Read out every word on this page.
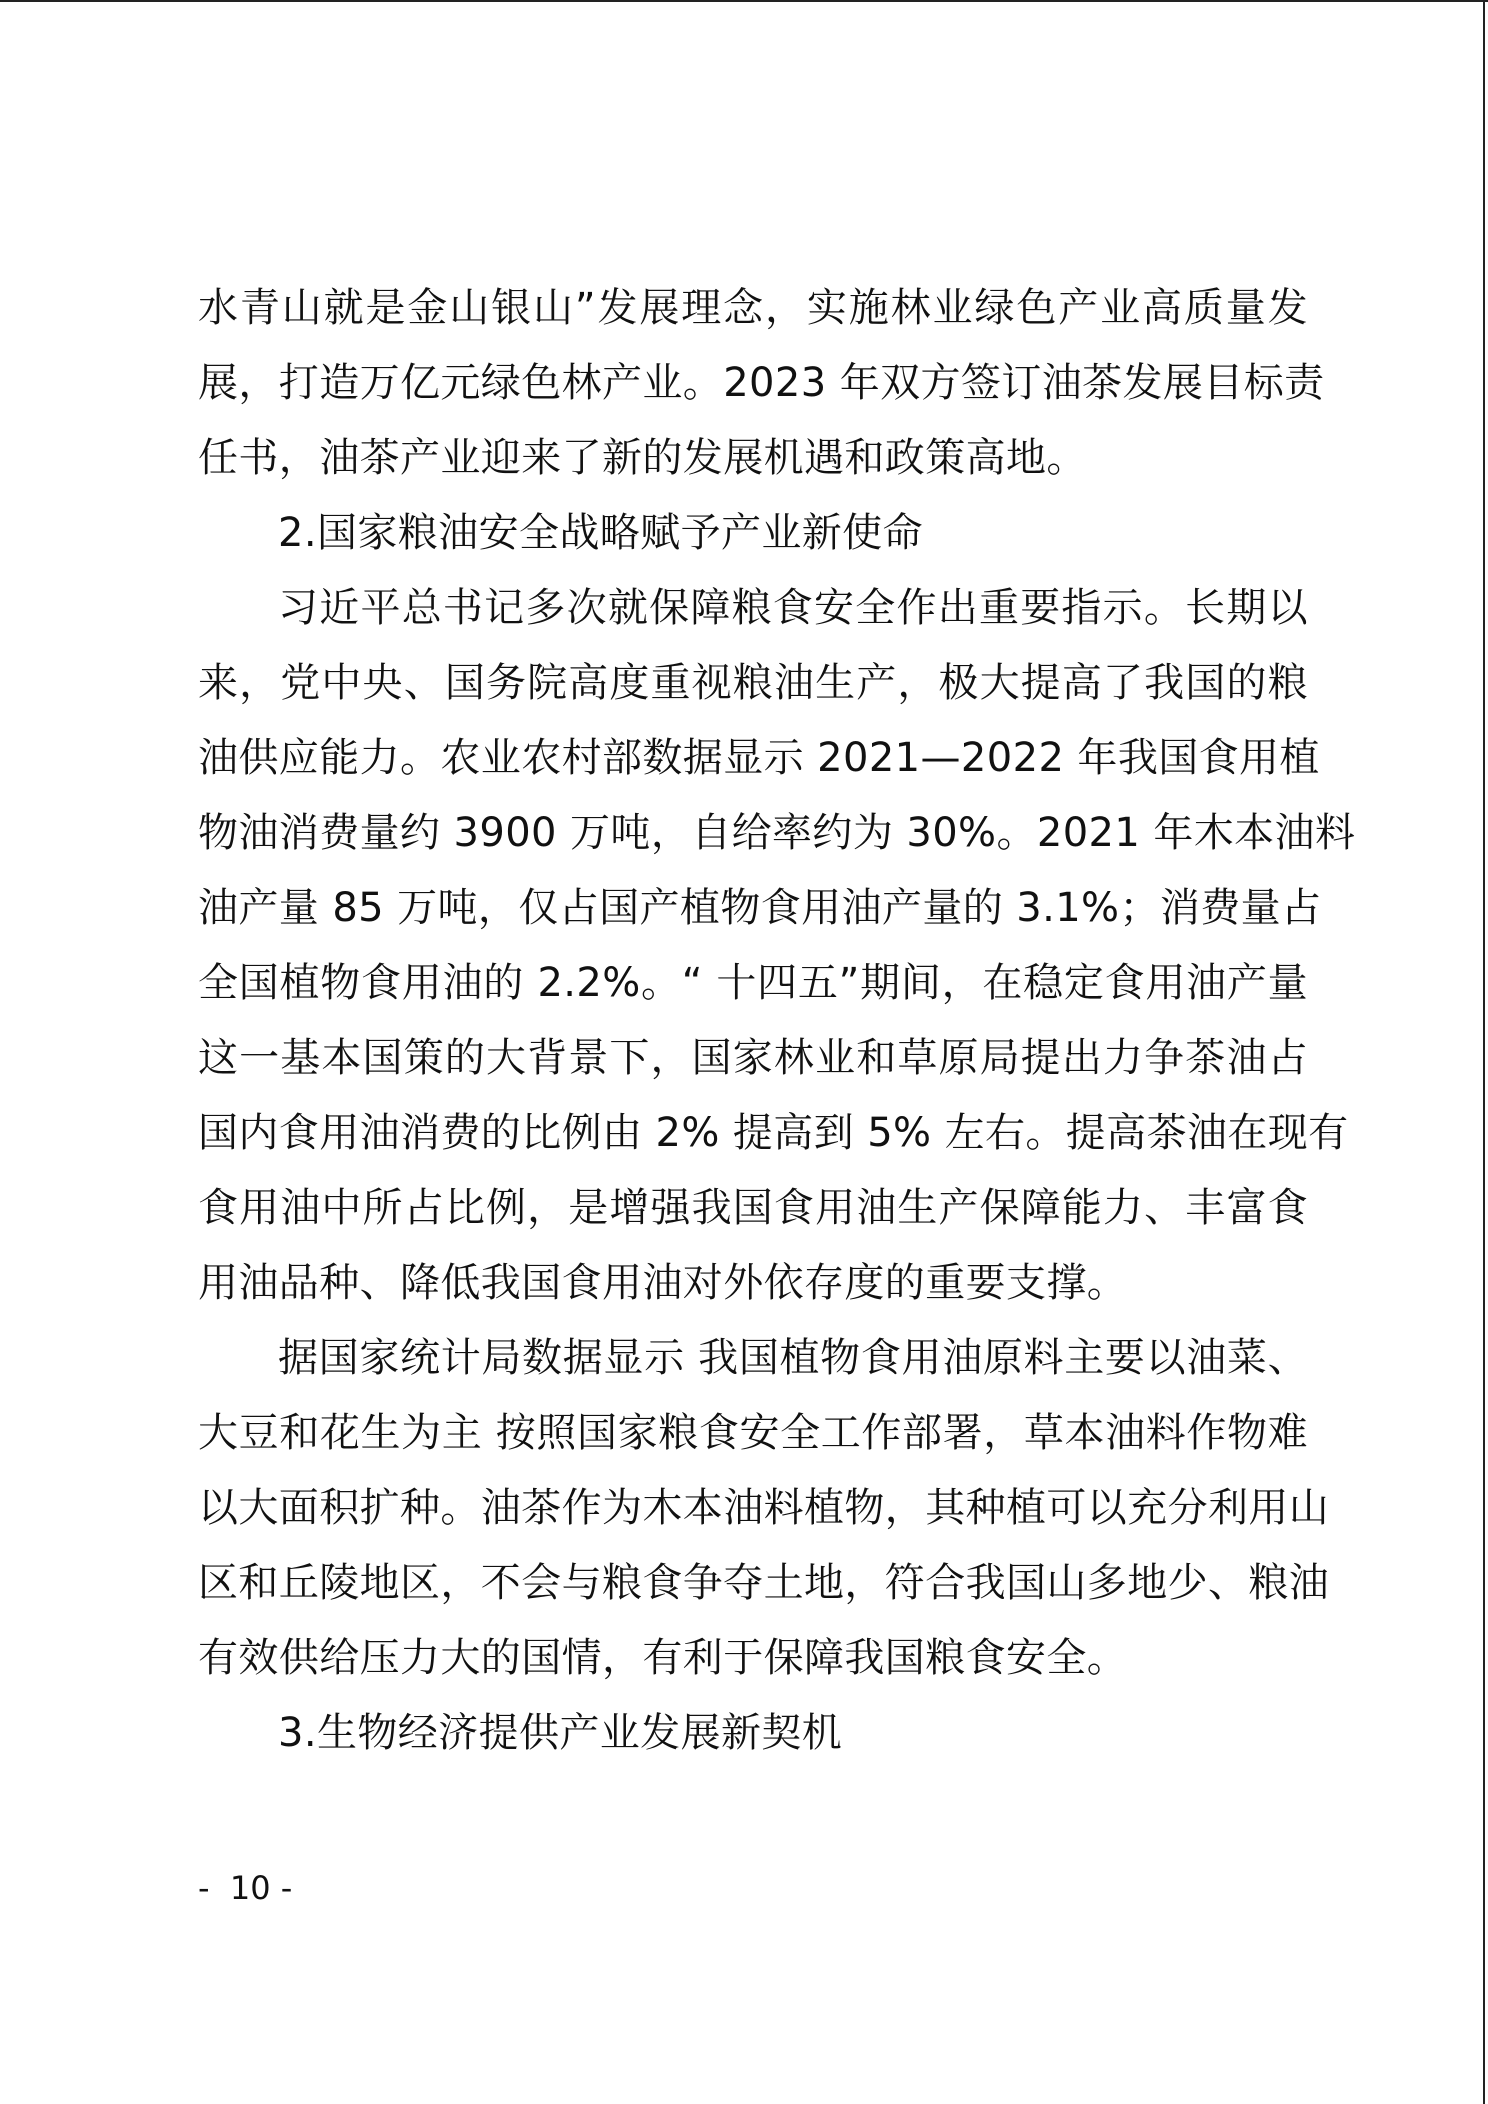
水青山就是金山银山”发展理念，实施林业绿色产业高质量发
展，打造万亿元绿色林产业。2023 年双方签订油茶发展目标责
任书，油茶产业迎来了新的发展机遇和政策高地。
2.国家粮油安全战略赋予产业新使命
习近平总书记多次就保障粮食安全作出重要指示。长期以
来，党中央、国务院高度重视粮油生产，极大提高了我国的粮
油供应能力。农业农村部数据显示 2021—2022 年我国食用植
物油消费量约 3900 万吨，自给率约为 30%。2021 年木本油料
油产量 85 万吨，仅占国产植物食用油产量的 3.1%；消费量占
全国植物食用油的 2.2%。“ 十四五”期间，在稳定食用油产量
这一基本国策的大背景下，国家林业和草原局提出力争茶油占
国内食用油消费的比例由 2% 提高到 5% 左右。提高茶油在现有
食用油中所占比例，是增强我国食用油生产保障能力、丰富食
用油品种、降低我国食用油对外依存度的重要支撑。
据国家统计局数据显示 我国植物食用油原料主要以油菜、
大豆和花生为主 按照国家粮食安全工作部署，草本油料作物难
以大面积扩种。油茶作为木本油料植物，其种植可以充分利用山
区和丘陵地区，不会与粮食争夺土地，符合我国山多地少、粮油
有效供给压力大的国情，有利于保障我国粮食安全。
3.生物经济提供产业发展新契机
-  10 -
